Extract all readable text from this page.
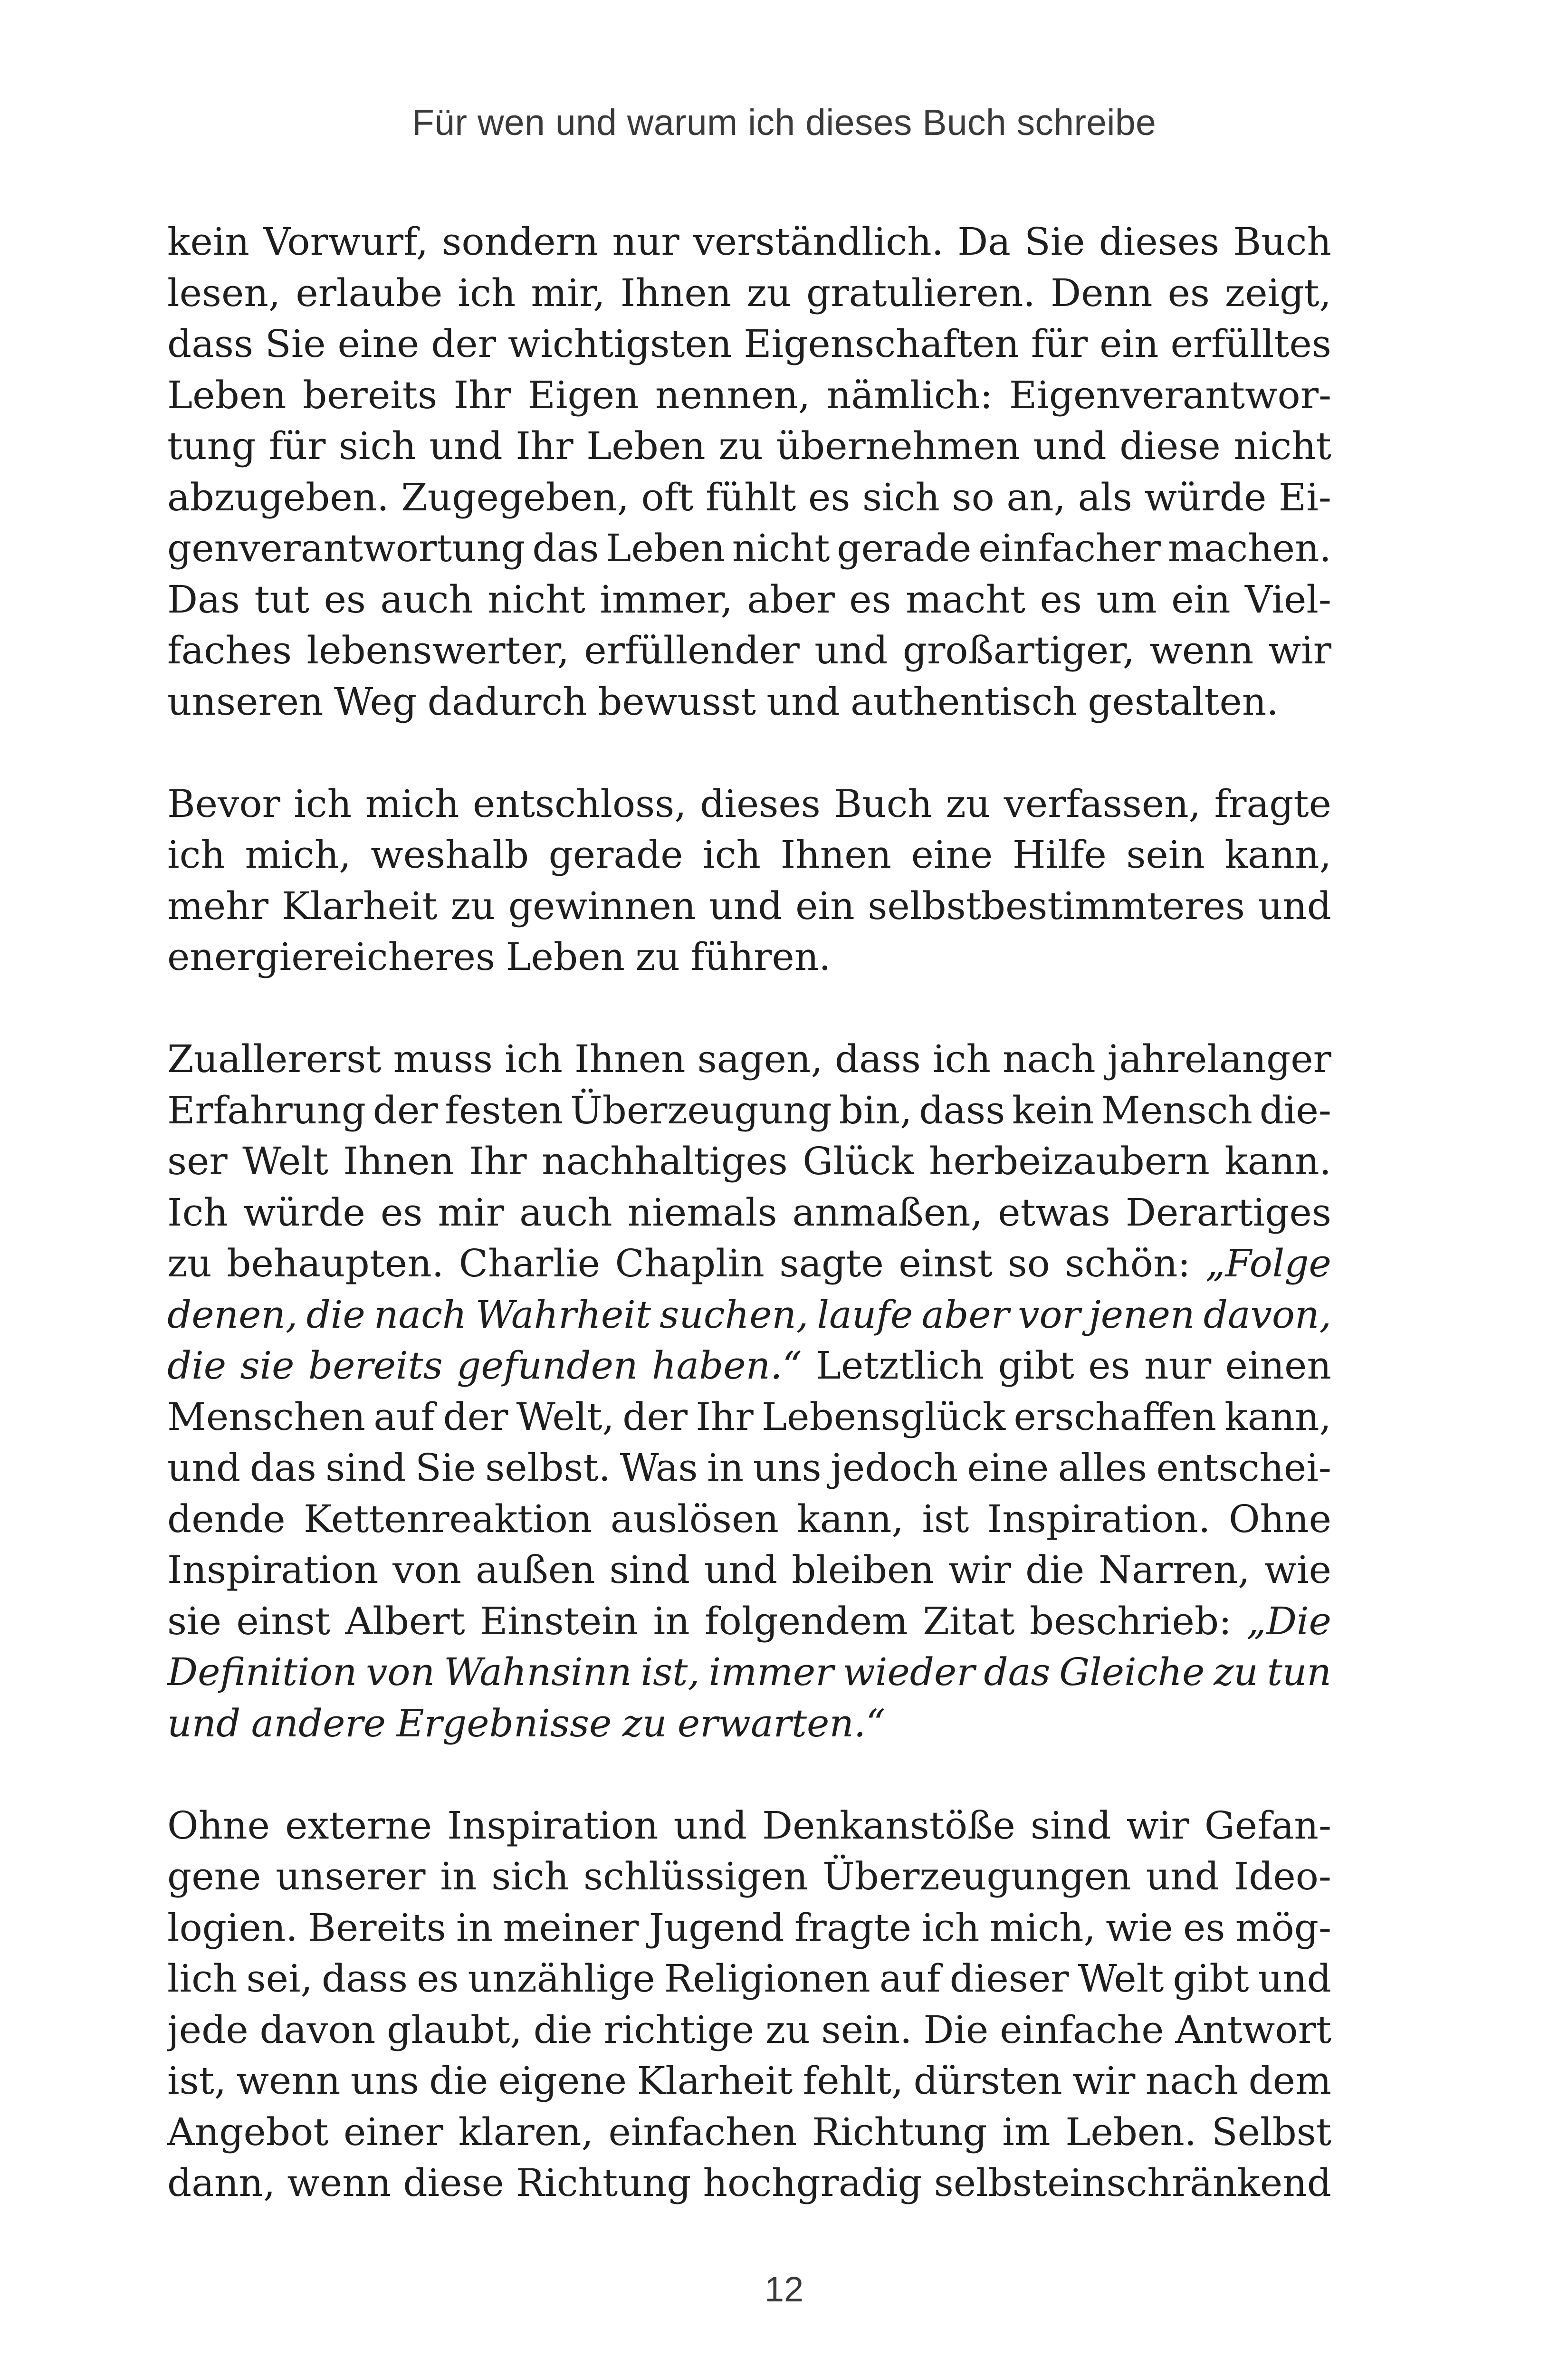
Für wen und warum ich dieses Buch schreibe
kein Vorwurf, sondern nur verständlich. Da Sie dieses Buch
lesen, erlaube ich mir, Ihnen zu gratulieren. Denn es zeigt,
dass Sie eine der wichtigsten Eigenschaften für ein erfülltes
Leben bereits Ihr Eigen nennen, nämlich: Eigenverantwor-
tung für sich und Ihr Leben zu übernehmen und diese nicht
abzugeben. Zugegeben, oft fühlt es sich so an, als würde Ei-
genverantwortung das Leben nicht gerade einfacher machen.
Das tut es auch nicht immer, aber es macht es um ein Viel-
faches lebenswerter, erfüllender und großartiger, wenn wir
unseren Weg dadurch bewusst und authentisch gestalten.
Bevor ich mich entschloss, dieses Buch zu verfassen, fragte
ich mich, weshalb gerade ich Ihnen eine Hilfe sein kann,
mehr Klarheit zu gewinnen und ein selbstbestimmteres und
energiereicheres Leben zu führen.
Zuallererst muss ich Ihnen sagen, dass ich nach jahrelanger
Erfahrung der festen Überzeugung bin, dass kein Mensch die-
ser Welt Ihnen Ihr nachhaltiges Glück herbeizaubern kann.
Ich würde es mir auch niemals anmaßen, etwas Derartiges
zu behaupten. Charlie Chaplin sagte einst so schön: „Folge
denen, die nach Wahrheit suchen, laufe aber vor jenen davon,
die sie bereits gefunden haben.“ Letztlich gibt es nur einen
Menschen auf der Welt, der Ihr Lebensglück erschaffen kann,
und das sind Sie selbst. Was in uns jedoch eine alles entschei-
dende Kettenreaktion auslösen kann, ist Inspiration. Ohne
Inspiration von außen sind und bleiben wir die Narren, wie
sie einst Albert Einstein in folgendem Zitat beschrieb: „Die
Definition von Wahnsinn ist, immer wieder das Gleiche zu tun
und andere Ergebnisse zu erwarten.“
Ohne externe Inspiration und Denkanstöße sind wir Gefan-
gene unserer in sich schlüssigen Überzeugungen und Ideo-
logien. Bereits in meiner Jugend fragte ich mich, wie es mög-
lich sei, dass es unzählige Religionen auf dieser Welt gibt und
jede davon glaubt, die richtige zu sein. Die einfache Antwort
ist, wenn uns die eigene Klarheit fehlt, dürsten wir nach dem
Angebot einer klaren, einfachen Richtung im Leben. Selbst
dann, wenn diese Richtung hochgradig selbsteinschränkend
12
